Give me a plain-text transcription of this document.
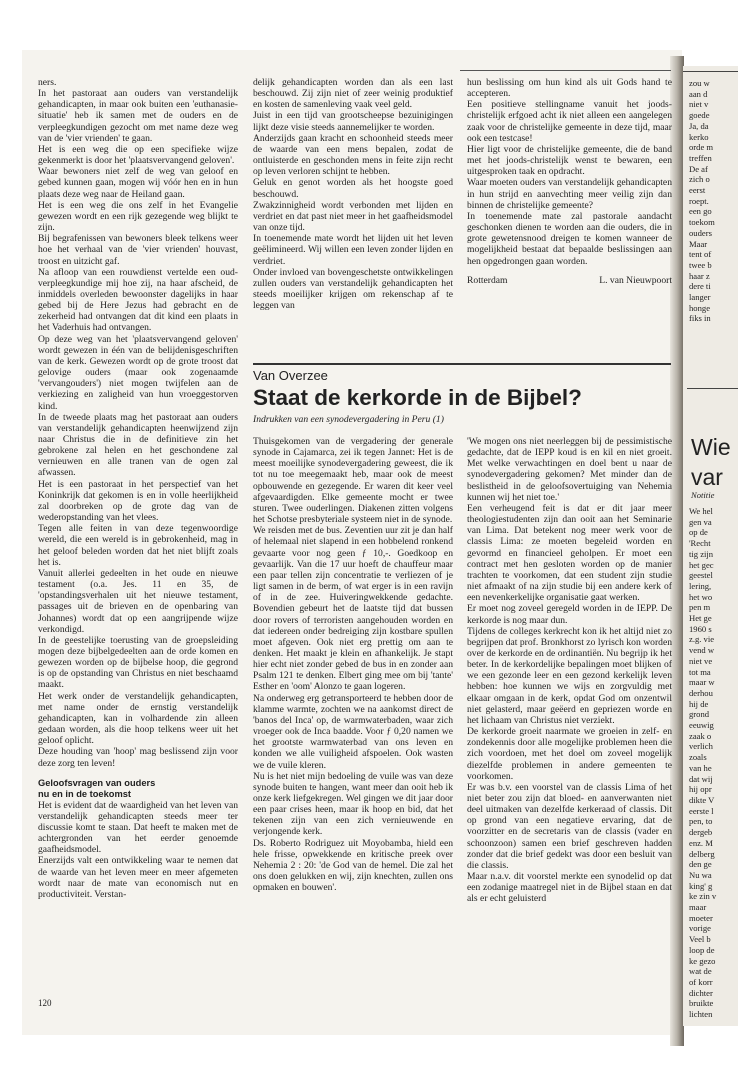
ners.

In het pastoraat aan ouders van verstandelijk gehandicapten, in maar ook buiten een 'euthanasie-situatie' heb ik samen met de ouders en de verpleegkundigen gezocht om met name deze weg van de 'vier vrienden' te gaan.

Het is een weg die op een specifieke wijze gekenmerkt is door het 'plaatsvervangend geloven'.

Waar bewoners niet zelf de weg van geloof en gebed kunnen gaan, mogen wij vóór hen en in hun plaats deze weg naar de Heiland gaan.

Het is een weg die ons zelf in het Evangelie gewezen wordt en een rijk gezegende weg blijkt te zijn.

Bij begrafenissen van bewoners bleek telkens weer hoe het verhaal van de 'vier vrienden' houvast, troost en uitzicht gaf.

Na afloop van een rouwdienst vertelde een oud-verpleegkundige mij hoe zij, na haar afscheid, de inmiddels overleden bewoonster dagelijks in haar gebed bij de Here Jezus had gebracht en de zekerheid had ontvangen dat dit kind een plaats in het Vaderhuis had ontvangen.

Op deze weg van het 'plaatsvervangend geloven' wordt gewezen in één van de belijdenisgeschriften van de kerk. Gewezen wordt op de grote troost dat gelovige ouders (maar ook zogenaamde 'vervangouders') niet mogen twijfelen aan de verkiezing en zaligheid van hun vroeggestorven kind.

In de tweede plaats mag het pastoraat aan ouders van verstandelijk gehandicapten heenwijzend zijn naar Christus die in de definitieve zin het gebrokene zal helen en het geschondene zal vernieuwen en alle tranen van de ogen zal afwassen.

Het is een pastoraat in het perspectief van het Koninkrijk dat gekomen is en in volle heerlijkheid zal doorbreken op de grote dag van de wederopstanding van het vlees.

Tegen alle feiten in van deze tegenwoordige wereld, die een wereld is in gebrokenheid, mag in het geloof beleden worden dat het niet blijft zoals het is.

Vanuit allerlei gedeelten in het oude en nieuwe testament (o.a. Jes. 11 en 35, de 'opstandingsverhalen uit het nieuwe testament, passages uit de brieven en de openbaring van Johannes) wordt dat op een aangrijpende wijze verkondigd.

In de geestelijke toerusting van de groepsleiding mogen deze bijbelgedeelten aan de orde komen en gewezen worden op de bijbelse hoop, die gegrond is op de opstanding van Christus en niet beschaamd maakt.

Het werk onder de verstandelijk gehandicapten, met name onder de ernstig verstandelijk gehandicapten, kan in volhardende zin alleen gedaan worden, als die hoop telkens weer uit het geloof oplicht.

Deze houding van 'hoop' mag beslissend zijn voor deze zorg ten leven!

Geloofsvragen van ouders
nu en in de toekomst

Het is evident dat de waardigheid van het leven van verstandelijk gehandicapten steeds meer ter discussie komt te staan. Dat heeft te maken met de achtergronden van het eerder genoemde gaafheidsmodel.

Enerzijds valt een ontwikkeling waar te nemen dat de waarde van het leven meer en meer afgemeten wordt naar de mate van economisch nut en productiviteit. Verstan-

delijk gehandicapten worden dan als een last beschouwd. Zij zijn niet of zeer weinig produktief en kosten de samenleving vaak veel geld.

Juist in een tijd van grootscheepse bezuinigingen lijkt deze visie steeds aannemelijker te worden.

Anderzijds gaan kracht en schoonheid steeds meer de waarde van een mens bepalen, zodat de ontluisterde en geschonden mens in feite zijn recht op leven verloren schijnt te hebben.

Geluk en genot worden als het hoogste goed beschouwd.

Zwakzinnigheid wordt verbonden met lijden en verdriet en dat past niet meer in het gaafheidsmodel van onze tijd.

In toenemende mate wordt het lijden uit het leven geëlimineerd. Wij willen een leven zonder lijden en verdriet.

Onder invloed van bovengeschetste ontwikkelingen zullen ouders van verstandelijk gehandicapten het steeds moeilijker krijgen om rekenschap af te leggen van

hun beslissing om hun kind als uit Gods hand te accepteren.

Een positieve stellingname vanuit het joods-christelijk erfgoed acht ik niet alleen een aangelegen zaak voor de christelijke gemeente in deze tijd, maar ook een testcase!

Hier ligt voor de christelijke gemeente, die de band met het joods-christelijk wenst te bewaren, een uitgesproken taak en opdracht.

Waar moeten ouders van verstandelijk gehandicapten in hun strijd en aanvechting meer veilig zijn dan binnen de christelijke gemeente?

In toenemende mate zal pastorale aandacht geschonken dienen te worden aan die ouders, die in grote gewetensnood dreigen te komen wanneer de mogelijkheid bestaat dat bepaalde beslissingen aan hen opgedrongen gaan worden.

Rotterdam	L. van Nieuwpoort

Van Overzee

Staat de kerkorde in de Bijbel?

Indrukken van een synodevergadering in Peru (1)

Thuisgekomen van de vergadering der generale synode in Cajamarca, zei ik tegen Jannet: Het is de meest moeilijke synodevergadering geweest, die ik tot nu toe meegemaakt heb, maar ook de meest opbouwende en gezegende. Er waren dit keer veel afgevaardigden. Elke gemeente mocht er twee sturen. Twee ouderlingen. Diakenen zitten volgens het Schotse presbyteriale systeem niet in de synode.

We reisden met de bus. Zeventien uur zit je dan half of helemaal niet slapend in een hobbelend ronkend gevaarte voor nog geen ƒ 10,-. Goedkoop en gevaarlijk. Van die 17 uur hoeft de chauffeur maar een paar tellen zijn concentratie te verliezen of je ligt samen in de berm, of wat erger is in een ravijn of in de zee. Huiveringwekkende gedachte. Bovendien gebeurt het de laatste tijd dat bussen door rovers of terroristen aangehouden worden en dat iedereen onder bedreiging zijn kostbare spullen moet afgeven. Ook niet erg prettig om aan te denken. Het maakt je klein en afhankelijk. Je stapt hier echt niet zonder gebed de bus in en zonder aan Psalm 121 te denken. Elbert ging mee om bij 'tante' Esther en 'oom' Alonzo te gaan logeren.

Na onderweg erg getransporteerd te hebben door de klamme warmte, zochten we na aankomst direct de 'banos del Inca' op, de warmwaterbaden, waar zich vroeger ook de Inca baadde. Voor ƒ 0,20 namen we het grootste warmwaterbad van ons leven en konden we alle vuiligheid afspoelen. Ook wasten we de vuile kleren.

Nu is het niet mijn bedoeling de vuile was van deze synode buiten te hangen, want meer dan ooit heb ik onze kerk liefgekregen. Wel gingen we dit jaar door een paar crises heen, maar ik hoop en bid, dat het tekenen zijn van een zich vernieuwende en verjongende kerk.

Ds. Roberto Rodriguez uit Moyobamba, hield een hele frisse, opwekkende en kritische preek over Nehemia 2 : 20: 'de God van de hemel. Die zal het ons doen gelukken en wij, zijn knechten, zullen ons opmaken en bouwen'.

'We mogen ons niet neerleggen bij de pessimistische gedachte, dat de IEPP koud is en kil en niet groeit. Met welke verwachtingen en doel bent u naar de synodevergadering gekomen? Met minder dan de beslistheid in de geloofsovertuiging van Nehemia kunnen wij het niet toe.'

Een verheugend feit is dat er dit jaar meer theologiestudenten zijn dan ooit aan het Seminarie van Lima. Dat betekent nog meer werk voor de classis Lima: ze moeten begeleid worden en gevormd en financieel geholpen. Er moet een contract met hen gesloten worden op de manier trachten te voorkomen, dat een student zijn studie niet afmaakt of na zijn studie bij een andere kerk of een nevenkerkelijke organisatie gaat werken.

Er moet nog zoveel geregeld worden in de IEPP. De kerkorde is nog maar dun.

Tijdens de colleges kerkrecht kon ik het altijd niet zo begrijpen dat prof. Bronkhorst zo lyrisch kon worden over de kerkorde en de ordinantiën. Nu begrijp ik het beter. In de kerkordelijke bepalingen moet blijken of we een gezonde leer en een gezond kerkelijk leven hebben: hoe kunnen we wijs en zorgvuldig met elkaar omgaan in de kerk, opdat God om onzentwil niet gelasterd, maar geëerd en gepriezen worde en het lichaam van Christus niet verziekt.

De kerkorde groeit naarmate we groeien in zelf- en zondekennis door alle mogelijke problemen heen die zich voordoen, met het doel om zoveel mogelijk diezelfde problemen in andere gemeenten te voorkomen.

Er was b.v. een voorstel van de classis Lima of het niet beter zou zijn dat bloed- en aanverwanten niet deel uitmaken van dezelfde kerkeraad of classis. Dit op grond van een negatieve ervaring, dat de voorzitter en de secretaris van de classis (vader en schoonzoon) samen een brief geschreven hadden zonder dat die brief gedekt was door een besluit van die classis.

Maar n.a.v. dit voorstel merkte een synodelid op dat een zodanige maatregel niet in de Bijbel staan en dat als er echt geluisterd

120
zou w
aan d
niet v
goede
Ja, da
kerko
orde m
treffen
De af
zich o
eerst
roept.
een go
toekom
ouders
Maar
tent of
twee b
haar z
dere ti
langer
honge
fiks in
Wie
var
Notitie
We hel
gen va
op de
'Recht
tig zijn
het gec
geestel
lering,
het wo
pen m
Het ge
1960 s
z.g. vie
vend w
niet ve
tot ma
maar w
derhou
hij de
grond
eeuwig
zaak o
verlich
zoals
van he
dat wij
hij opr
dikte V
eerste l
pen, to
dergeb
enz. M
delberg
den ge
Nu wa
king' g
ke zin v
maar
moeter
vorige
Veel b
loop de
ke gezo
wat de
of korr
dichter
bruikte
lichten
